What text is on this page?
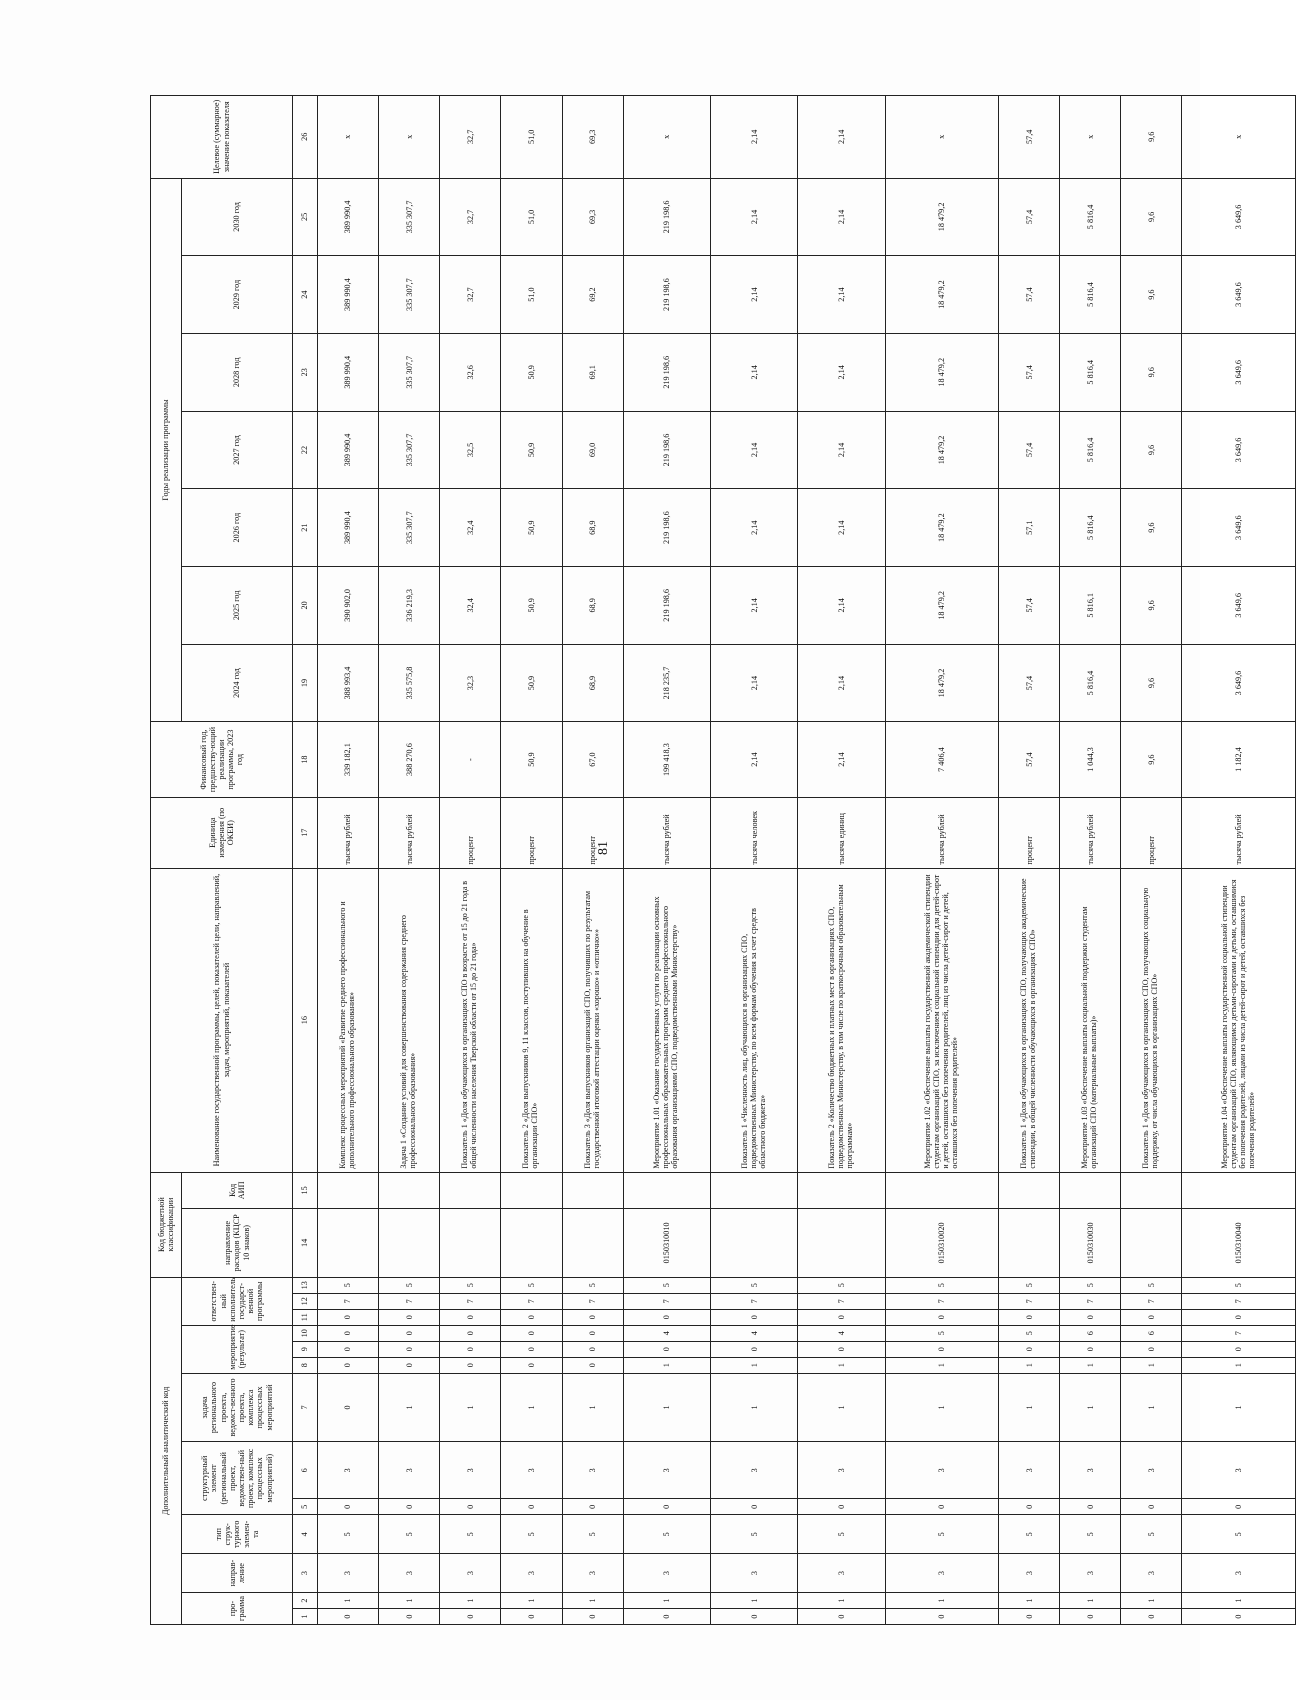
81
Дополнительный аналитический код													Код бюджетной классификации		Наименование государственной программы, целей, показателей цели, направлений, задач, мероприятий, показателей	Единица измерения (по ОКЕИ)	Финансовый год, предшеству-ющий реализации программы, 2023 год	Годы реализации программы							Целевое (суммарное) значение показателя
про-грамма		направ-ление	тип струк-турного элемен-та	структурный элемент (региональный проект, ведомствен-ный проект, комплекс процессных мероприятий)		задача регионального проекта, ведомст-венного проекта, комплекса процессных мероприятий	мероприятие (результат)			ответствен-ный исполнитель государст-венной программы			направление расходов (КЦСР 10 знаков)	Код АИП				2024 год	2025 год	2026 год	2027 год	2028 год	2029 год	2030 год	

1	2	3	4	5	6	7	8	9	10	11	12	13	14	15	16	17	18	19	20	21	22	23	24	25	26
0	1	3	5	0	3	0	0	0	0	0	7	5			Комплекс процессных мероприятий «Развитие среднего профессионального и дополнительного профессионального образования»	тысяча рублей	339 182,1	388 993,4	390 902,0	389 990,4	389 990,4	389 990,4	389 990,4	389 990,4	x
0	1	3	5	0	3	1	0	0	0	0	7	5			Задача 1 «Создание условий для совершенствования содержания среднего профессионального образования»	тысяча рублей	388 270,6	335 575,8	336 219,3	335 307,7	335 307,7	335 307,7	335 307,7	335 307,7	x
0	1	3	5	0	3	1	0	0	0	0	7	5			Показатель 1 «Доля обучающихся в организациях СПО в возрасте от 15 до 21 года в общей численности населения Тверской области от 15 до 21 года»	процент	-	32,3	32,4	32,4	32,5	32,6	32,7	32,7	32,7
0	1	3	5	0	3	1	0	0	0	0	7	5			Показатель 2 «Доля выпускников 9, 11 классов, поступивших на обучение в организации СПО»	процент	50,9	50,9	50,9	50,9	50,9	50,9	51,0	51,0	51,0
0	1	3	5	0	3	1	0	0	0	0	7	5			Показатель 3 «Доля выпускников организаций СПО, получивших по результатам государственной итоговой аттестации оценки «хорошо» и «отлично»»	процент	67,0	68,9	68,9	68,9	69,0	69,1	69,2	69,3	69,3
0	1	3	5	0	3	1	1	0	4	0	7	5	0150310010		Мероприятие 1.01 «Оказание государственных услуги по реализации основных профессиональных образовательных программ среднего профессионального образования организациями СПО, подведомственными Министерству»	тысяча рублей	199 418,3	218 235,7	219 198,6	219 198,6	219 198,6	219 198,6	219 198,6	219 198,6	x
0	1	3	5	0	3	1	1	0	4	0	7	5			Показатель 1 «Численность лиц, обучающихся в организациях СПО, подведомственных Министерству, по всем формам обучения за счет средств областного бюджета»	тысяча человек	2,14	2,14	2,14	2,14	2,14	2,14	2,14	2,14	2,14
0	1	3	5	0	3	1	1	0	4	0	7	5			Показатель 2 «Количество бюджетных и платных мест в организациях СПО, подведомственных Министерству, в том числе по краткосрочным образовательным программам»	тысяча единиц	2,14	2,14	2,14	2,14	2,14	2,14	2,14	2,14	2,14
0	1	3	5	0	3	1	1	0	5	0	7	5	0150310020		Мероприятие 1.02 «Обеспечение выплаты государственной академической стипендии студентам организаций СПО, за исключением социальной стипендии для детей-сирот и детей, оставшихся без попечения родителей, лиц из числа детей-сирот и детей, оставшихся без попечения родителей»	тысяча рублей	7 406,4	18 479,2	18 479,2	18 479,2	18 479,2	18 479,2	18 479,2	18 479,2	x
0	1	3	5	0	3	1	1	0	5	0	7	5			Показатель 1 «Доля обучающихся в организациях СПО, получающих академические стипендии, в общей численности обучающихся в организациях СПО»	процент	57,4	57,4	57,4	57,1	57,4	57,4	57,4	57,4	57,4
0	1	3	5	0	3	1	1	0	6	0	7	5	0150310030		Мероприятие 1.03 «Обеспечение выплаты социальной поддержки студентам организаций СПО (материальные выплаты)»	тысяча рублей	1 044,3	5 816,4	5 816,1	5 816,4	5 816,4	5 816,4	5 816,4	5 816,4	x
0	1	3	5	0	3	1	1	0	6	0	7	5			Показатель 1 «Доля обучающихся в организациях СПО, получающих социальную поддержку, от числа обучающихся в организациях СПО»	процент	9,6	9,6	9,6	9,6	9,6	9,6	9,6	9,6	9,6
0	1	3	5	0	3	1	1	0	7	0	7	5	0150310040		Мероприятие 1.04 «Обеспечение выплаты государственной социальной стипендии студентам организаций СПО, являющимся детьми-сиротами и детьми, оставшимися без попечения родителей, лицами из числа детей-сирот и детей, оставшихся без попечения родителей»	тысяча рублей	1 182,4	3 649,6	3 649,6	3 649,6	3 649,6	3 649,6	3 649,6	3 649,6	x
